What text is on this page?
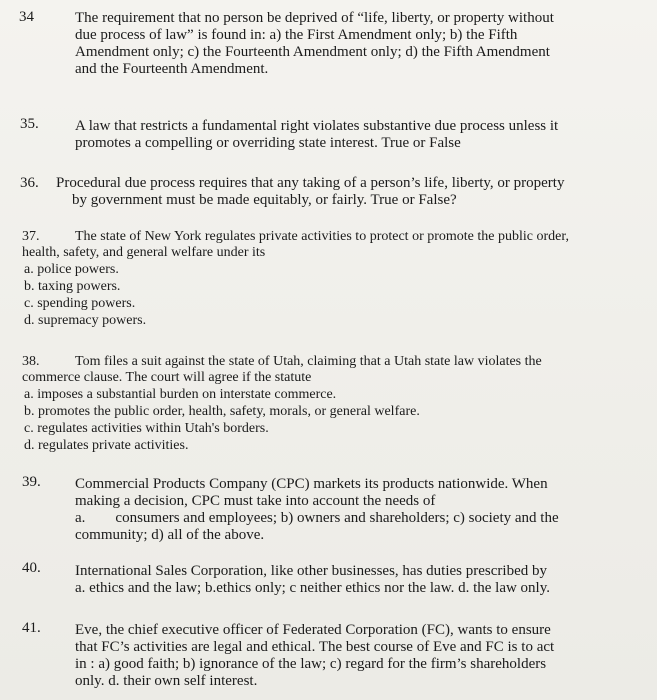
34	The requirement that no person be deprived of “life, liberty, or property without
due process of law” is found in: a) the First Amendment only; b) the Fifth
Amendment only; c) the Fourteenth Amendment only; d) the Fifth Amendment
and the Fourteenth Amendment.
35. A law that restricts a fundamental right violates substantive due process unless it
promotes a compelling or overriding state interest. True or False
36. Procedural due process requires that any taking of a person’s life, liberty, or property
by government must be made equitably, or fairly. True or False?
37.	The state of New York regulates private activities to protect or promote the public order,
health, safety, and general welfare under its
a. police powers.
b. taxing powers.
c. spending powers.
d. supremacy powers.
38.	Tom files a suit against the state of Utah, claiming that a Utah state law violates the
commerce clause. The court will agree if the statute
a. imposes a substantial burden on interstate commerce.
b. promotes the public order, health, safety, morals, or general welfare.
c. regulates activities within Utah's borders.
d. regulates private activities.
39. Commercial Products Company (CPC) markets its products nationwide. When
making a decision, CPC must take into account the needs of
a.        consumers and employees; b) owners and shareholders; c) society and the
community; d) all of the above.
40. International Sales Corporation, like other businesses, has duties prescribed by
a. ethics and the law; b.ethics only; c neither ethics nor the law. d. the law only.
41. Eve, the chief executive officer of Federated Corporation (FC), wants to ensure
that FC’s activities are legal and ethical. The best course of Eve and FC is to act
in : a) good faith; b) ignorance of the law; c) regard for the firm’s shareholders
only. d. their own self interest.
